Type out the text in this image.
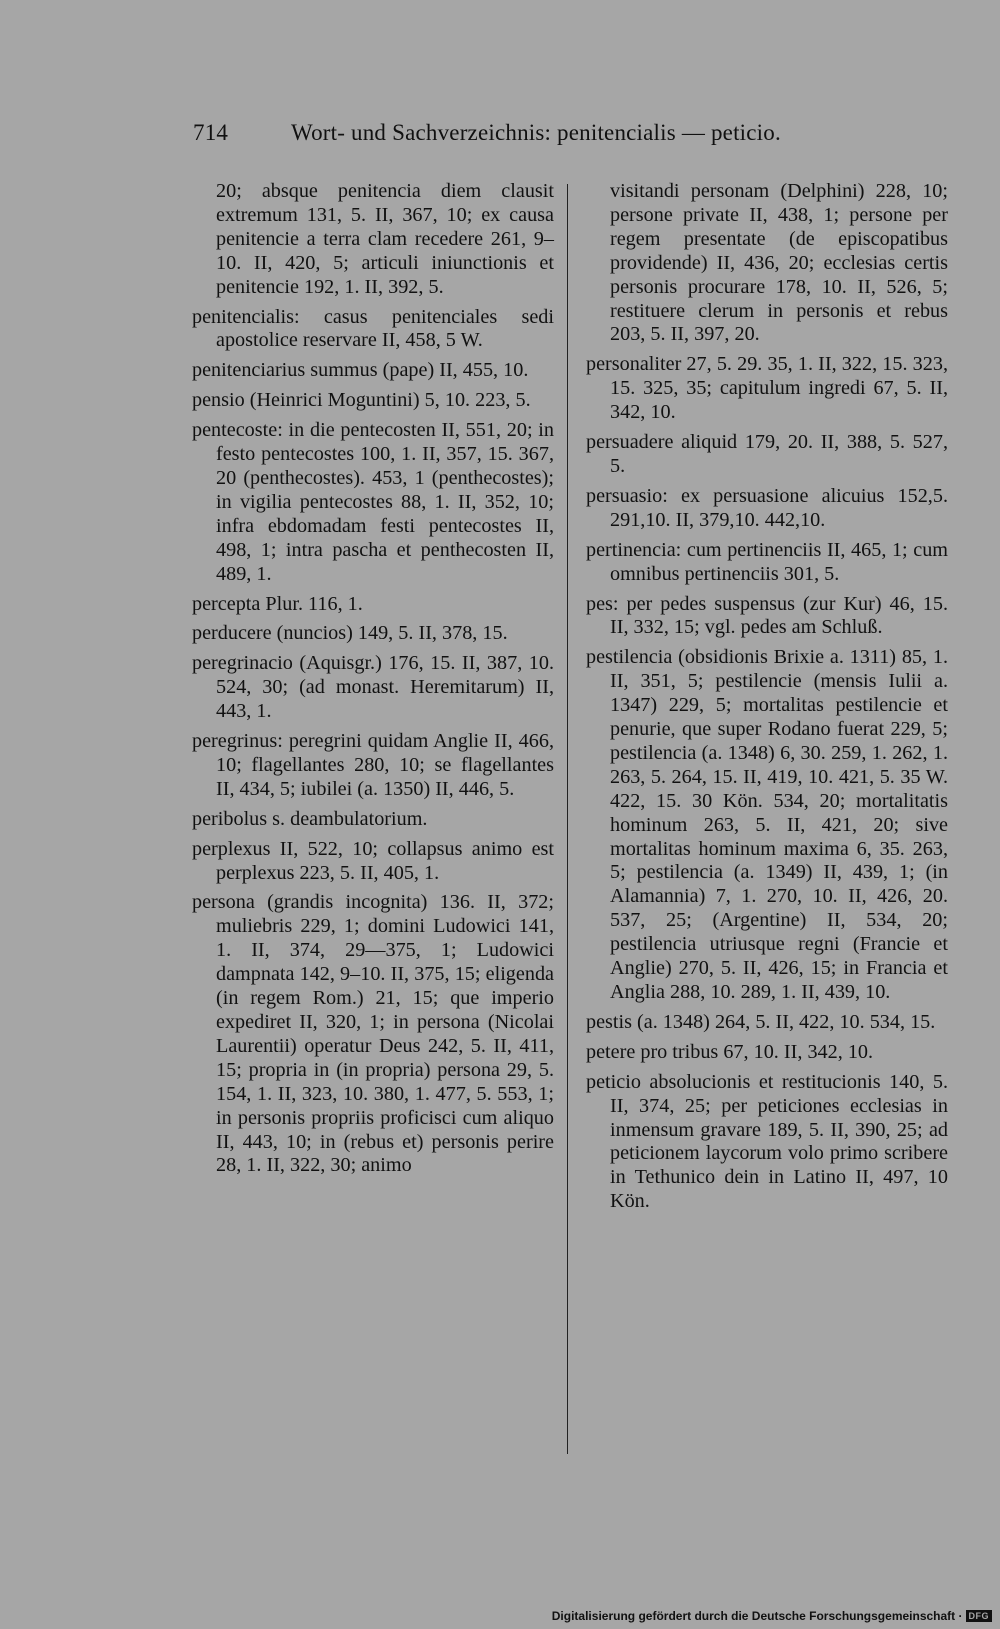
714	Wort- und Sachverzeichnis: penitencialis — peticio.

20; absque penitencia diem clausit extremum 131, 5. II, 367, 10; ex causa penitencie a terra clam recedere 261, 9–10. II, 420, 5; articuli iniunctionis et penitencie 192, 1. II, 392, 5.

penitencialis: casus penitenciales sedi apostolice reservare II, 458, 5 W.

penitenciarius summus (pape) II, 455, 10.

pensio (Heinrici Moguntini) 5, 10. 223, 5.

pentecoste: in die pentecosten II, 551, 20; in festo pentecostes 100, 1. II, 357, 15. 367, 20 (penthecostes). 453, 1 (penthecostes); in vigilia pentecostes 88, 1. II, 352, 10; infra ebdomadam festi pentecostes II, 498, 1; intra pascha et penthecosten II, 489, 1.

percepta Plur. 116, 1.

perducere (nuncios) 149, 5. II, 378, 15.

peregrinacio (Aquisgr.) 176, 15. II, 387, 10. 524, 30; (ad monast. Heremitarum) II, 443, 1.

peregrinus: peregrini quidam Anglie II, 466, 10; flagellantes 280, 10; se flagellantes II, 434, 5; iubilei (a. 1350) II, 446, 5.

peribolus s. deambulatorium.

perplexus II, 522, 10; collapsus animo est perplexus 223, 5. II, 405, 1.

persona (grandis incognita) 136. II, 372; muliebris 229, 1; domini Ludowici 141, 1. II, 374, 29—375, 1; Ludowici dampnata 142, 9–10. II, 375, 15; eligenda (in regem Rom.) 21, 15; que imperio expediret II, 320, 1; in persona (Nicolai Laurentii) operatur Deus 242, 5. II, 411, 15; propria in (in propria) persona 29, 5. 154, 1. II, 323, 10. 380, 1. 477, 5. 553, 1; in personis propriis proficisci cum aliquo II, 443, 10; in (rebus et) personis perire 28, 1. II, 322, 30; animo

visitandi personam (Delphini) 228, 10; persone private II, 438, 1; persone per regem presentate (de episcopatibus providende) II, 436, 20; ecclesias certis personis procurare 178, 10. II, 526, 5; restituere clerum in personis et rebus 203, 5. II, 397, 20.

personaliter 27, 5. 29. 35, 1. II, 322, 15. 323, 15. 325, 35; capitulum ingredi 67, 5. II, 342, 10.

persuadere aliquid 179, 20. II, 388, 5. 527, 5.

persuasio: ex persuasione alicuius 152,5. 291,10. II, 379,10. 442,10.

pertinencia: cum pertinenciis II, 465, 1; cum omnibus pertinenciis 301, 5.

pes: per pedes suspensus (zur Kur) 46, 15. II, 332, 15; vgl. pedes am Schluß.

pestilencia (obsidionis Brixie a. 1311) 85, 1. II, 351, 5; pestilencie (mensis Iulii a. 1347) 229, 5; mortalitas pestilencie et penurie, que super Rodano fuerat 229, 5; pestilencia (a. 1348) 6, 30. 259, 1. 262, 1. 263, 5. 264, 15. II, 419, 10. 421, 5. 35 W. 422, 15. 30 Kön. 534, 20; mortalitatis hominum 263, 5. II, 421, 20; sive mortalitas hominum maxima 6, 35. 263, 5; pestilencia (a. 1349) II, 439, 1; (in Alamannia) 7, 1. 270, 10. II, 426, 20. 537, 25; (Argentine) II, 534, 20; pestilencia utriusque regni (Francie et Anglie) 270, 5. II, 426, 15; in Francia et Anglia 288, 10. 289, 1. II, 439, 10.

pestis (a. 1348) 264, 5. II, 422, 10. 534, 15.

petere pro tribus 67, 10. II, 342, 10.

peticio absolucionis et restitucionis 140, 5. II, 374, 25; per peticiones ecclesias in inmensum gravare 189, 5. II, 390, 25; ad peticionem laycorum volo primo scribere in Tethunico dein in Latino II, 497, 10 Kön.

Digitalisierung gefördert durch die Deutsche Forschungsgemeinschaft · DFG
